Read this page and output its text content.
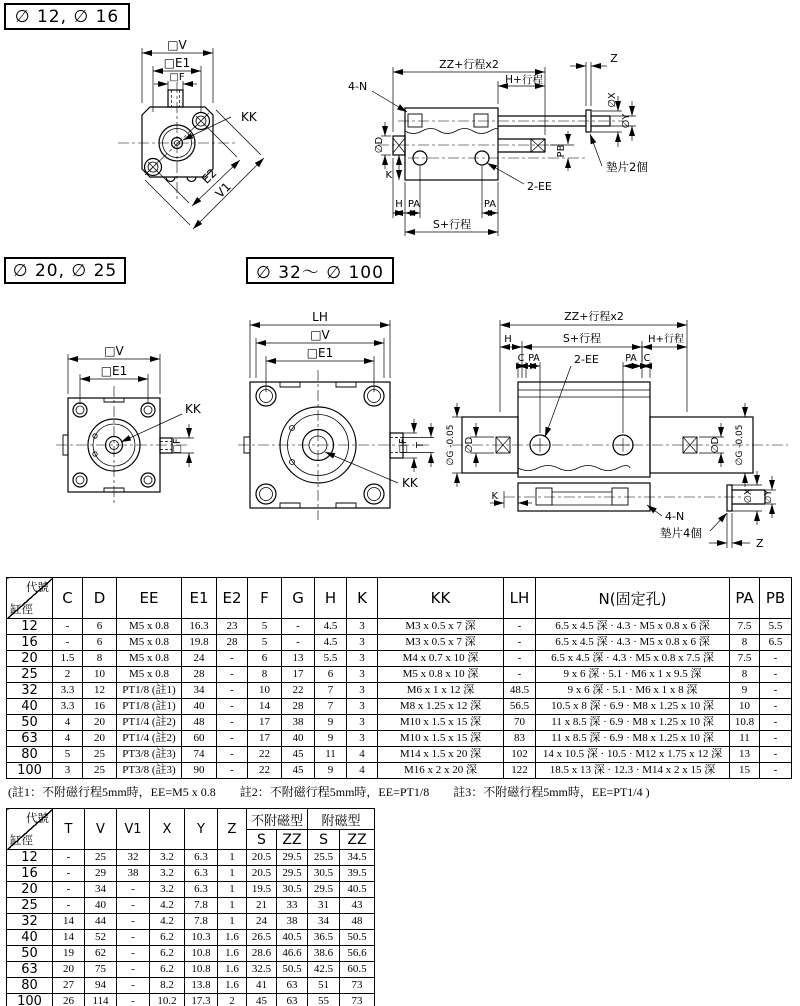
∅ 12, ∅ 16
∅ 20, ∅ 25	∅ 32～ ∅ 100
□V
□E1
□F
KK
E2
V1
ZZ+行程x2
H+行程
Z
∅X
∅Y
墊片2個
PB
2-EE
4-N
∅D
K
H PA	PA
S+行程
□V
□E1
KK
□F
LH
□V
□E1
□F T
KK
ZZ+行程x2
S+行程
H	H+行程
C PA	2-EE	PA C
∅G -0.05 ∅D	∅D ∅G -0.05
K
4-N
墊片4個
∅X ∅Y
Z
代號
缸徑	C	D	EE	E1	E2	F	G	H	K	KK	LH	N(固定孔)	PA	PB
12	-	6	M5 x 0.8	16.3	23	5	-	4.5	3	M3 x 0.5 x 7 深	-	6.5 x 4.5 深 · 4.3 · M5 x 0.8 x 6 深	7.5	5.5
16	-	6	M5 x 0.8	19.8	28	5	-	4.5	3	M3 x 0.5 x 7 深	-	6.5 x 4.5 深 · 4.3 · M5 x 0.8 x 6 深	8	6.5
20	1.5	8	M5 x 0.8	24	-	6	13	5.5	3	M4 x 0.7 x 10 深	-	6.5 x 4.5 深 · 4.3 · M5 x 0.8 x 7.5 深	7.5	-
25	2	10	M5 x 0.8	28	-	8	17	6	3	M5 x 0.8 x 10 深	-	9 x 6 深 · 5.1 · M6 x 1 x 9.5 深	8	-
32	3.3	12	PT1/8 (註1)	34	-	10	22	7	3	M6 x 1 x 12 深	48.5	9 x 6 深 · 5.1 · M6 x 1 x 8 深	9	-
40	3.3	16	PT1/8 (註1)	40	-	14	28	7	3	M8 x 1.25 x 12 深	56.5	10.5 x 8 深 · 6.9 · M8 x 1.25 x 10 深	10	-
50	4	20	PT1/4 (註2)	48	-	17	38	9	3	M10 x 1.5 x 15 深	70	11 x 8.5 深 · 6.9 · M8 x 1.25 x 10 深	10.8	-
63	4	20	PT1/4 (註2)	60	-	17	40	9	3	M10 x 1.5 x 15 深	83	11 x 8.5 深 · 6.9 · M8 x 1.25 x 10 深	11	-
80	5	25	PT3/8 (註3)	74	-	22	45	11	4	M14 x 1.5 x 20 深	102	14 x 10.5 深 · 10.5 · M12 x 1.75 x 12 深	13	-
100	3	25	PT3/8 (註3)	90	-	22	45	9	4	M16 x 2 x 20 深	122	18.5 x 13 深 · 12.3 · M14 x 2 x 15 深	15	-
(註1：不附磁行程5mm時，EE=M5 x 0.8　　註2：不附磁行程5mm時，EE=PT1/8　　註3：不附磁行程5mm時，EE=PT1/4 )
代號
缸徑	T	V	V1	X	Y	Z	不附磁型		附磁型	
							S	ZZ	S	ZZ
12	-	25	32	3.2	6.3	1	20.5	29.5	25.5	34.5
16	-	29	38	3.2	6.3	1	20.5	29.5	30.5	39.5
20	-	34	-	3.2	6.3	1	19.5	30.5	29.5	40.5
25	-	40	-	4.2	7.8	1	21	33	31	43
32	14	44	-	4.2	7.8	1	24	38	34	48
40	14	52	-	6.2	10.3	1.6	26.5	40.5	36.5	50.5
50	19	62	-	6.2	10.8	1.6	28.6	46.6	38.6	56.6
63	20	75	-	6.2	10.8	1.6	32.5	50.5	42.5	60.5
80	27	94	-	8.2	13.8	1.6	41	63	51	73
100	26	114	-	10.2	17.3	2	45	63	55	73
